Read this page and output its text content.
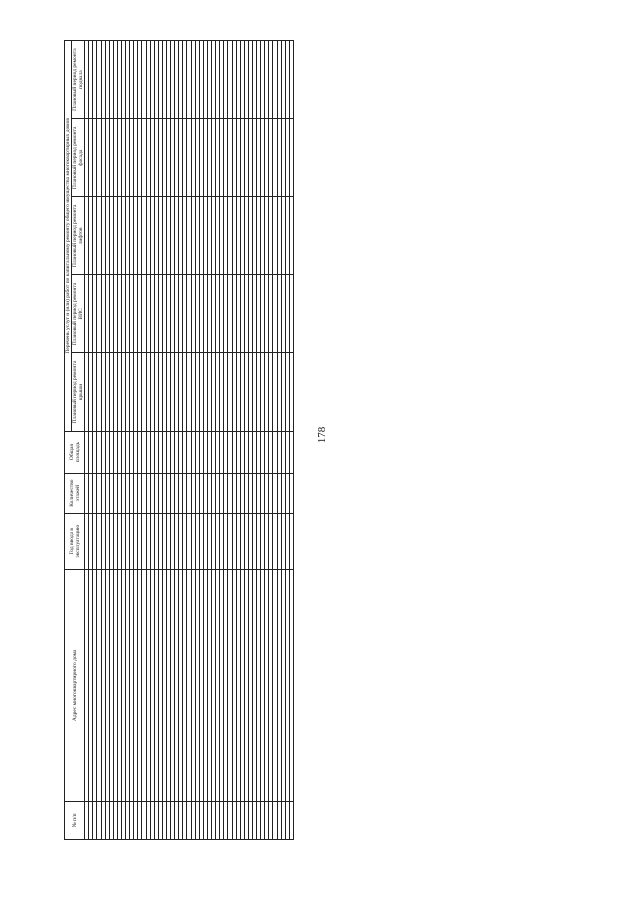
178
№ п/п	Адрес многоквартирного дома	Год ввода в эксплуатацию	Количество этажей	Общая площадь	Перечень услуг и (или) работ по капитальному ремонту общего имущества многоквартирных домов				
					Плановый период ремонта крыши	Плановый период ремонта ВИС	Плановый период ремонта лифтов	Плановый период ремонта фасада	Плановый период ремонта подвала
